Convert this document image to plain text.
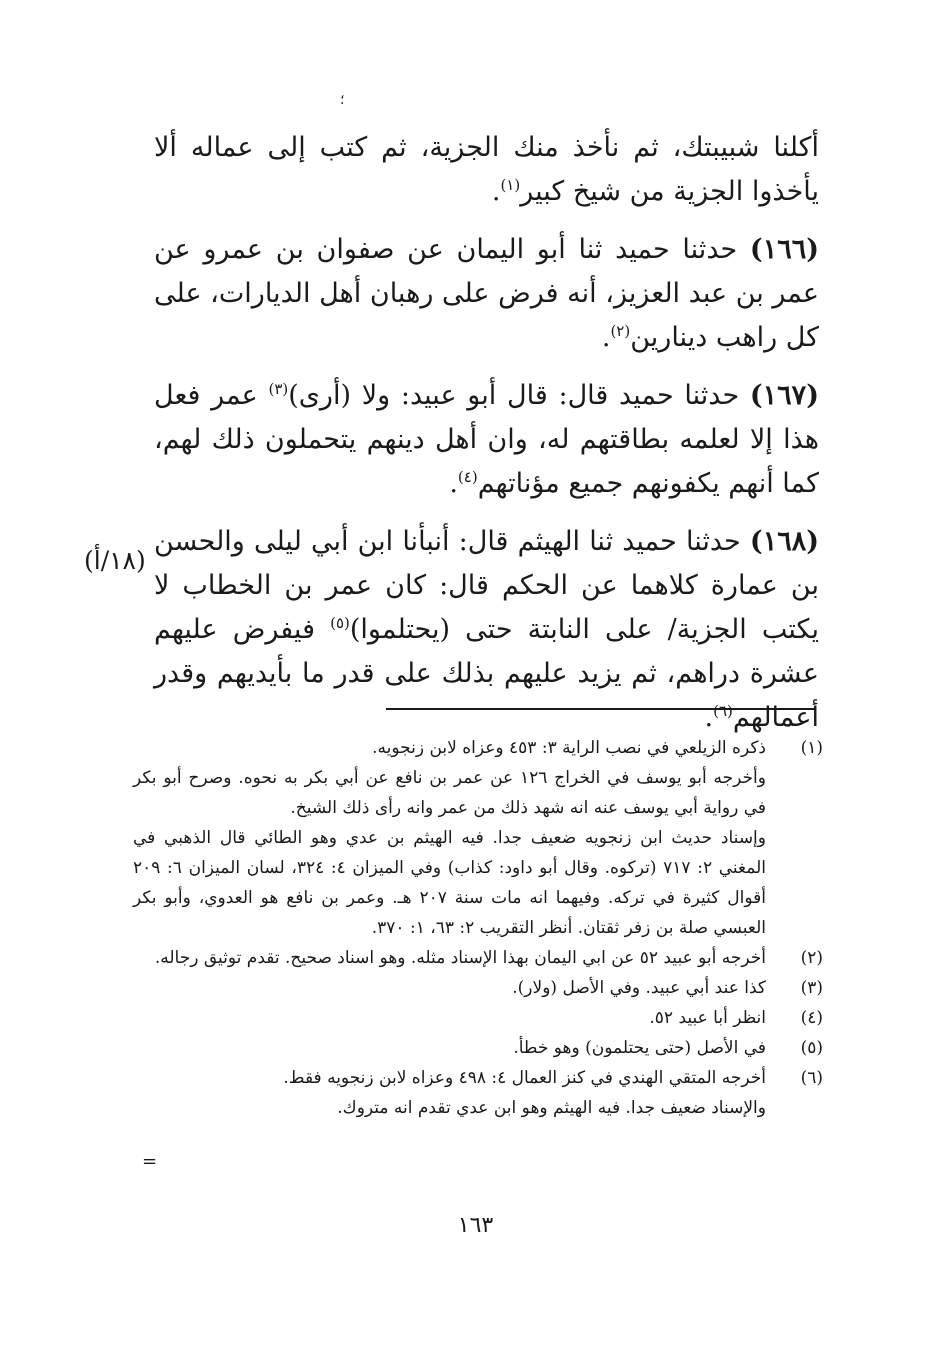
؛

أكلنا شبيبتك، ثم نأخذ منك الجزية، ثم كتب إلى عماله ألا يأخذوا الجزية من شيخ كبير$^{(١)}$.

(١٦٦) حدثنا حميد ثنا أبو اليمان عن صفوان بن عمرو عن عمر بن عبد العزيز، أنه فرض على رهبان أهل الديارات، على كل راهب دينارين$^{(٢)}$.

(١٦٧) حدثنا حميد قال: قال أبو عبيد: ولا (أرى)$^{(٣)}$ عمر فعل هذا إلا لعلمه بطاقتهم له، وان أهل دينهم يتحملون ذلك لهم، كما أنهم يكفونهم جميع مؤناتهم$^{(٤)}$.

(١٦٨) حدثنا حميد ثنا الهيثم قال: أنبأنا ابن أبي ليلى والحسن بن عمارة كلاهما عن الحكم قال: كان عمر بن الخطاب لا يكتب الجزية/ على النابتة حتى (يحتلموا)$^{(٥)}$ فيفرض عليهم عشرة دراهم، ثم يزيد عليهم بذلك على قدر ما بأيديهم وقدر أعمالهم$^{(٦)}$.

(١٨/أ)
(١)
ذكره الزيلعي في نصب الراية ٣: ٤٥٣ وعزاه لابن زنجويه.
وأخرجه أبو يوسف في الخراج ١٢٦ عن عمر بن نافع عن أبي بكر به نحوه. وصرح أبو بكر في رواية أبي يوسف عنه انه شهد ذلك من عمر وانه رأى ذلك الشيخ.
وإسناد حديث ابن زنجويه ضعيف جدا. فيه الهيثم بن عدي وهو الطائي قال الذهبي في المغني ٢: ٧١٧ (تركوه. وقال أبو داود: كذاب) وفي الميزان ٤: ٣٢٤، لسان الميزان ٦: ٢٠٩ أقوال كثيرة في تركه. وفيهما انه مات سنة ٢٠٧ هـ. وعمر بن نافع هو العدوي، وأبو بكر العبسي صلة بن زفر ثقتان. أنظر التقريب ٢: ٦٣، ١: ٣٧٠.
(٢)
أخرجه أبو عبيد ٥٢ عن ابي اليمان بهذا الإسناد مثله. وهو اسناد صحيح. تقدم توثيق رجاله.
(٣)
كذا عند أبي عبيد. وفي الأصل (ولار).
(٤)
انظر أبا عبيد ٥٢.
(٥)
في الأصل (حتى يحتلمون) وهو خطأ.
(٦)
أخرجه المتقي الهندي في كنز العمال ٤: ٤٩٨ وعزاه لابن زنجويه فقط.
والإسناد ضعيف جدا. فيه الهيثم وهو ابن عدي تقدم انه متروك.
=
١٦٣
